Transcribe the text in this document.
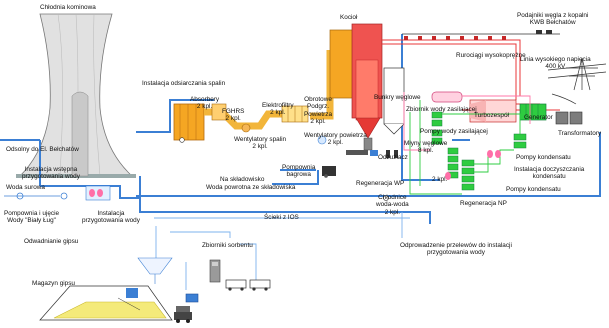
Chłodnia kominowa
Kocioł	Podajniki węgla z kopalni
KWB Bełchatów
Rurociągi wysokoprężne
Linia wysokiego napięcia
400 kV
Instalacja odsiarczania spalin
Absorbery
2 kpl.
FGHRS
2 kpl.
Obrotowe
Podgrz.
Powietrza
2 kpl.
Elektrofiltry
2 kpl.
Bunkry węglowe
Zbiornik wody zasilającej
Turbozespół Generator
Transformatory
Wentylatory spalin
2 kpl.
Wentylatory powietrza
2 kpl.
Odsolny do El. Bełchatów
Instalacja wstępna
przygotowania wody
Pompownia
bagrowa
Odżużlacz
Młyny węglowe
8 kpl.
Pompy wody zasilającej
2 kpl.
Pompy kondensatu
Instalacja doczyszczania
kondensatu
Woda surowa
Na składowisko
Woda powrotna ze składowiska
Regeneracja WP
Pompy kondensatu
Pompownia i ujęcie
Wody "Biały Ług"
Instalacja
przygotowania wody
Chłodnice
woda-woda
2 kpl.
Regeneracja NP
Ścieki z IOS
Odwadnianie gipsu
Zbiorniki sorbentu	Odprowadzenie przelewów do instalacji
przygotowania wody
Magazyn gipsu
